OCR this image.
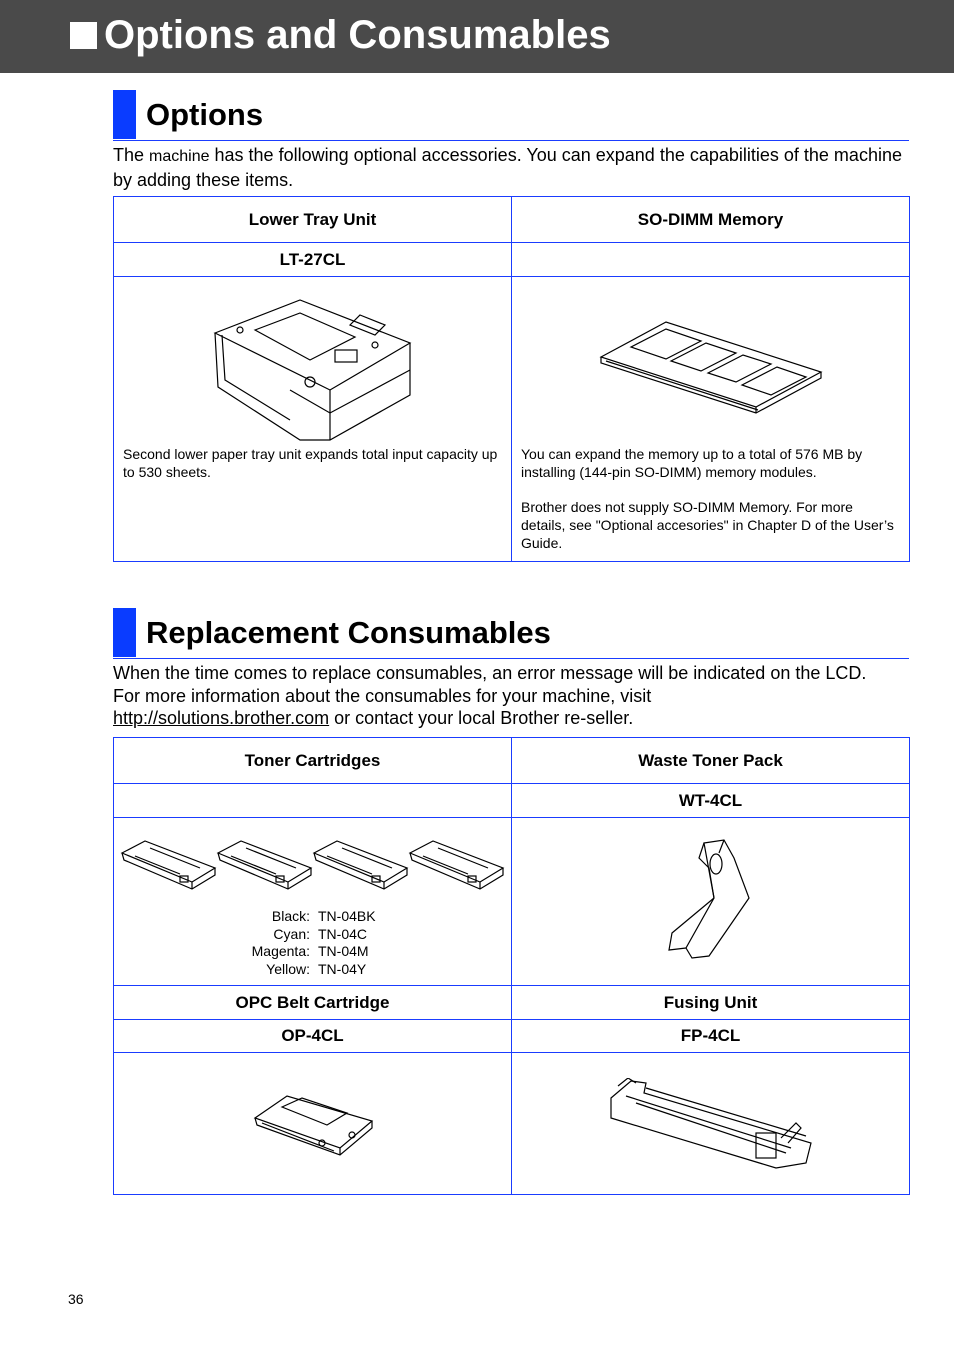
Options and Consumables
Options
The machine has the following optional accessories. You can expand the capabilities of the machine by adding these items.
Lower Tray Unit	SO-DIMM Memory
LT-27CL	

Second lower paper tray unit expands total input capacity up to 530 sheets.	You can expand the memory up to a total of 576 MB by installing (144-pin SO-DIMM) memory modules.
Brother does not supply SO-DIMM Memory. For more details, see "Optional accesories" in Chapter D of the User’s Guide.
Replacement Consumables
When the time comes to replace consumables, an error message will be indicated on the LCD.
For more information about the consumables for your machine, visit
http://solutions.brother.com or contact your local Brother re-seller.
Toner Cartridges	Waste Toner Pack
	WT-4CL

Black: TN-04BK
Cyan: TN-04C
Magenta: TN-04M
Yellow: TN-04Y

OPC Belt Cartridge	Fusing Unit
OP-4CL	FP-4CL

36
